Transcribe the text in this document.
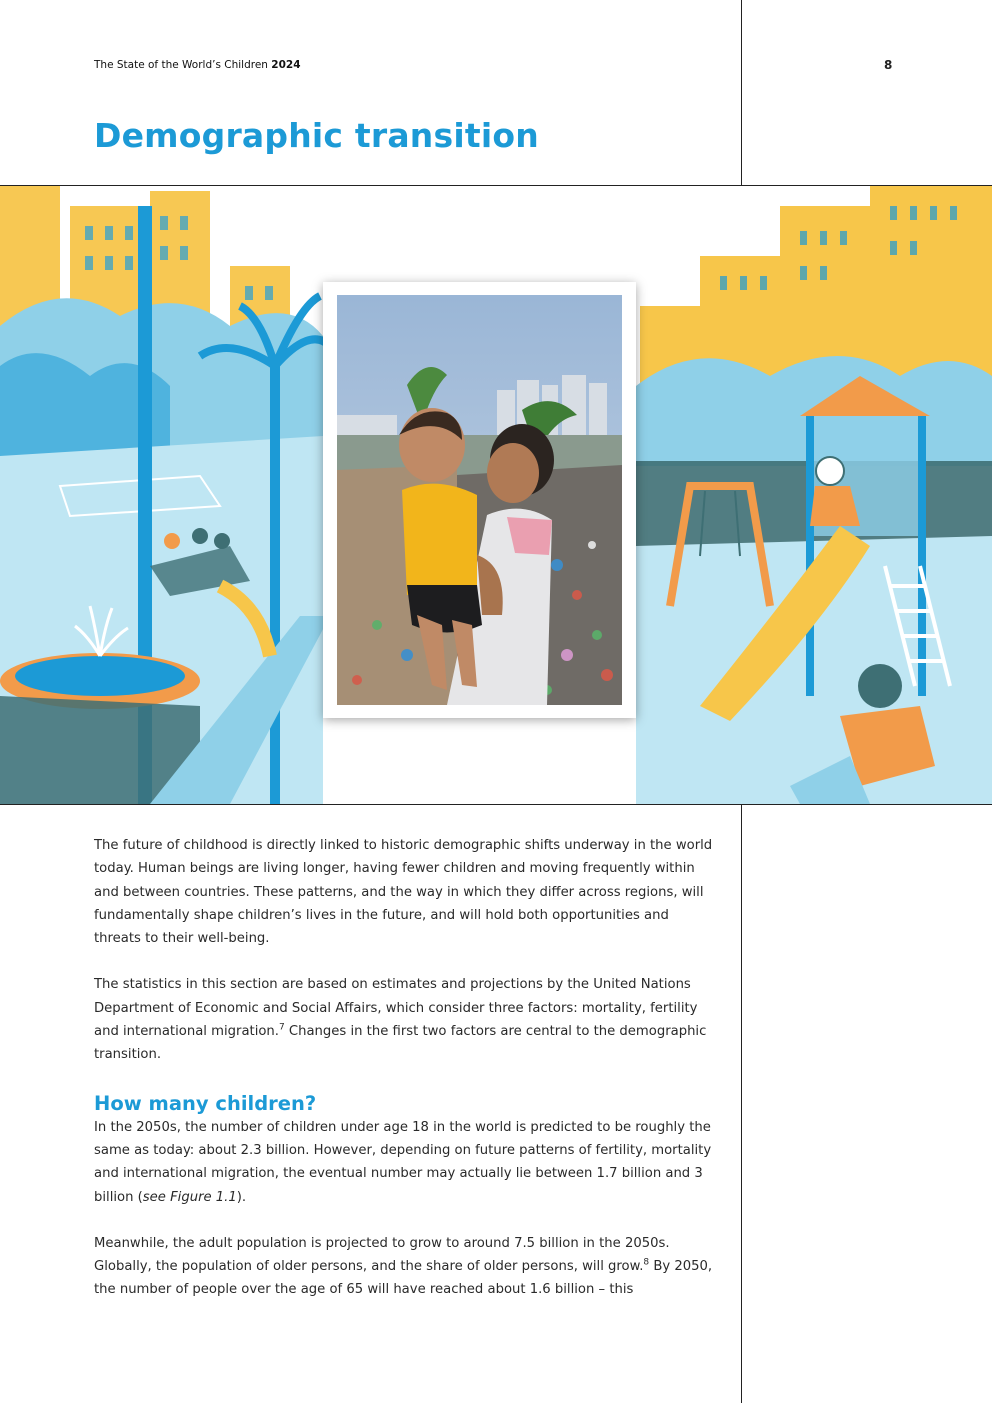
The State of the World’s Children 2024	8
Demographic transition

The future of childhood is directly linked to historic demographic shifts underway in the world today. Human beings are living longer, having fewer children and moving frequently within and between countries. These patterns, and the way in which they differ across regions, will fundamentally shape children’s lives in the future, and will hold both opportunities and threats to their well-being.

The statistics in this section are based on estimates and projections by the United Nations Department of Economic and Social Affairs, which consider three factors: mortality, fertility and international migration.$^7$ Changes in the first two factors are central to the demographic transition.

How many children?

In the 2050s, the number of children under age 18 in the world is predicted to be roughly the same as today: about 2.3 billion. However, depending on future patterns of fertility, mortality and international migration, the eventual number may actually lie between 1.7 billion and 3 billion (see Figure 1.1).

Meanwhile, the adult population is projected to grow to around 7.5 billion in the 2050s. Globally, the population of older persons, and the share of older persons, will grow.$^8$ By 2050, the number of people over the age of 65 will have reached about 1.6 billion – this
